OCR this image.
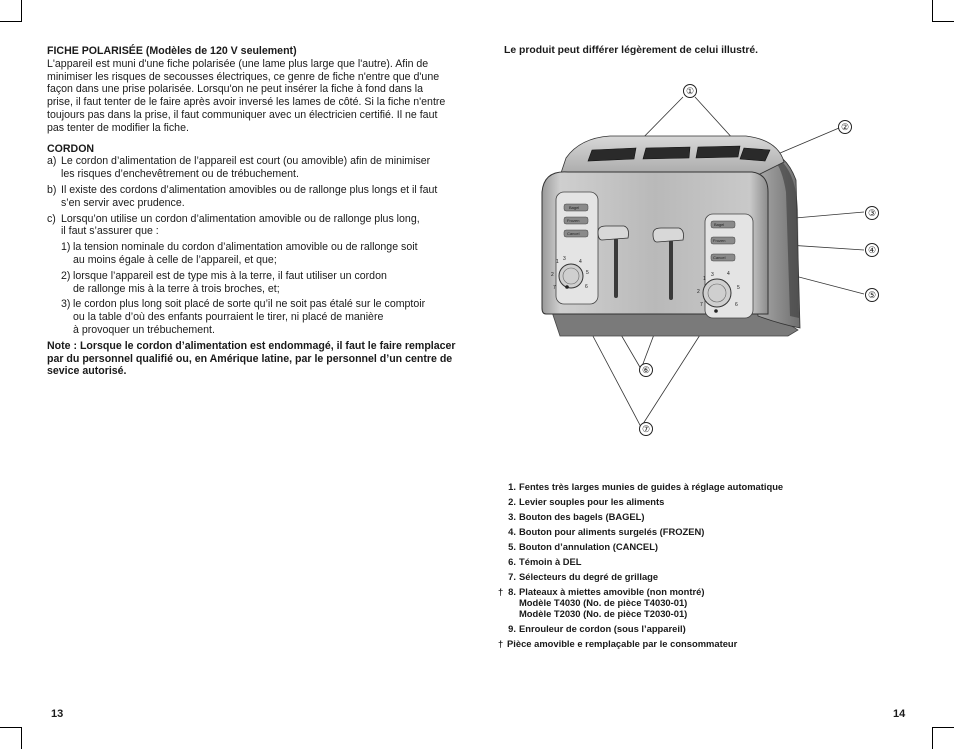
FICHE POLARISÉE (Modèles de 120 V seulement)

L'appareil est muni d'une fiche polarisée (une lame plus large que l'autre). Afin de

minimiser les risques de secousses électriques, ce genre de fiche n'entre que d'une

façon dans une prise polarisée. Lorsqu'on ne peut insérer la fiche à fond dans la

prise, il faut tenter de le faire après avoir inversé les lames de côté. Si la fiche n'entre

toujours pas dans la prise, il faut communiquer avec un électricien certifié. Il ne faut

pas tenter de modifier la fiche.

CORDON

a) Le cordon d’alimentation de l’appareil est court (ou amovible) afin de minimiser

les risques d’enchevêtrement ou de trébuchement.

b) Il existe des cordons d’alimentation amovibles ou de rallonge plus longs et il faut

s’en servir avec prudence.

c) Lorsqu’on utilise un cordon d’alimentation amovible ou de rallonge plus long,

il faut s’assurer que :

1) la tension nominale du cordon d’alimentation amovible ou de rallonge soit

au moins égale à celle de l’appareil, et que;

2) lorsque l’appareil est de type mis à la terre, il faut utiliser un cordon

de rallonge mis à la terre à trois broches, et;

3) le cordon plus long soit placé de sorte qu’il ne soit pas étalé sur le comptoir

ou la table d’où des enfants pourraient le tirer, ni placé de manière

à provoquer un trébuchement.

Note : Lorsque le cordon d’alimentation est endommagé, il faut le faire remplacer

par du personnel qualifié ou, en Amérique latine, par le personnel d’un centre de

sevice autorisé.

13
Le produit peut différer légèrement de celui illustré.
Bagel
Frozen
Cancel
Bagel
Frozen
Cancel
1
2
3	4
5
6
7
1
2
3	4
5
6
7
①
②
③
④
⑤
⑥
⑦
1. Fentes très larges munies de guides à réglage automatique
2. Levier souples pour les aliments
3. Bouton des bagels (BAGEL)
4. Bouton pour aliments surgelés (FROZEN)
5. Bouton d’annulation (CANCEL)
6. Témoin à DEL
7. Sélecteurs du degré de grillage
† 8. Plateaux à miettes amovible (non montré)
Modèle T4030 (No. de pièce T4030-01)
Modèle T2030 (No. de pièce T2030-01)
9. Enrouleur de cordon (sous l’appareil)
† Pièce amovible e remplaçable par le consommateur
14
